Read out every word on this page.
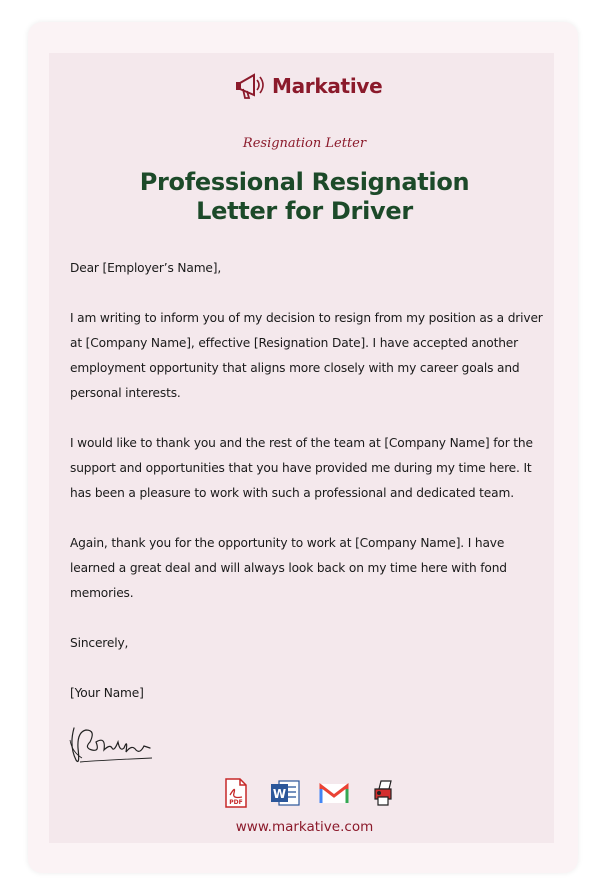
Markative
Resignation Letter
Professional Resignation Letter for Driver

Dear [Employer’s Name],

I am writing to inform you of my decision to resign from my position as a driver at [Company Name], effective [Resignation Date]. I have accepted another employment opportunity that aligns more closely with my career goals and personal interests.

I would like to thank you and the rest of the team at [Company Name] for the support and opportunities that you have provided me during my time here. It has been a pleasure to work with such a professional and dedicated team.

Again, thank you for the opportunity to work at [Company Name]. I have learned a great deal and will always look back on my time here with fond memories.

Sincerely,

[Your Name]

PDF
W
M
www.markative.com
